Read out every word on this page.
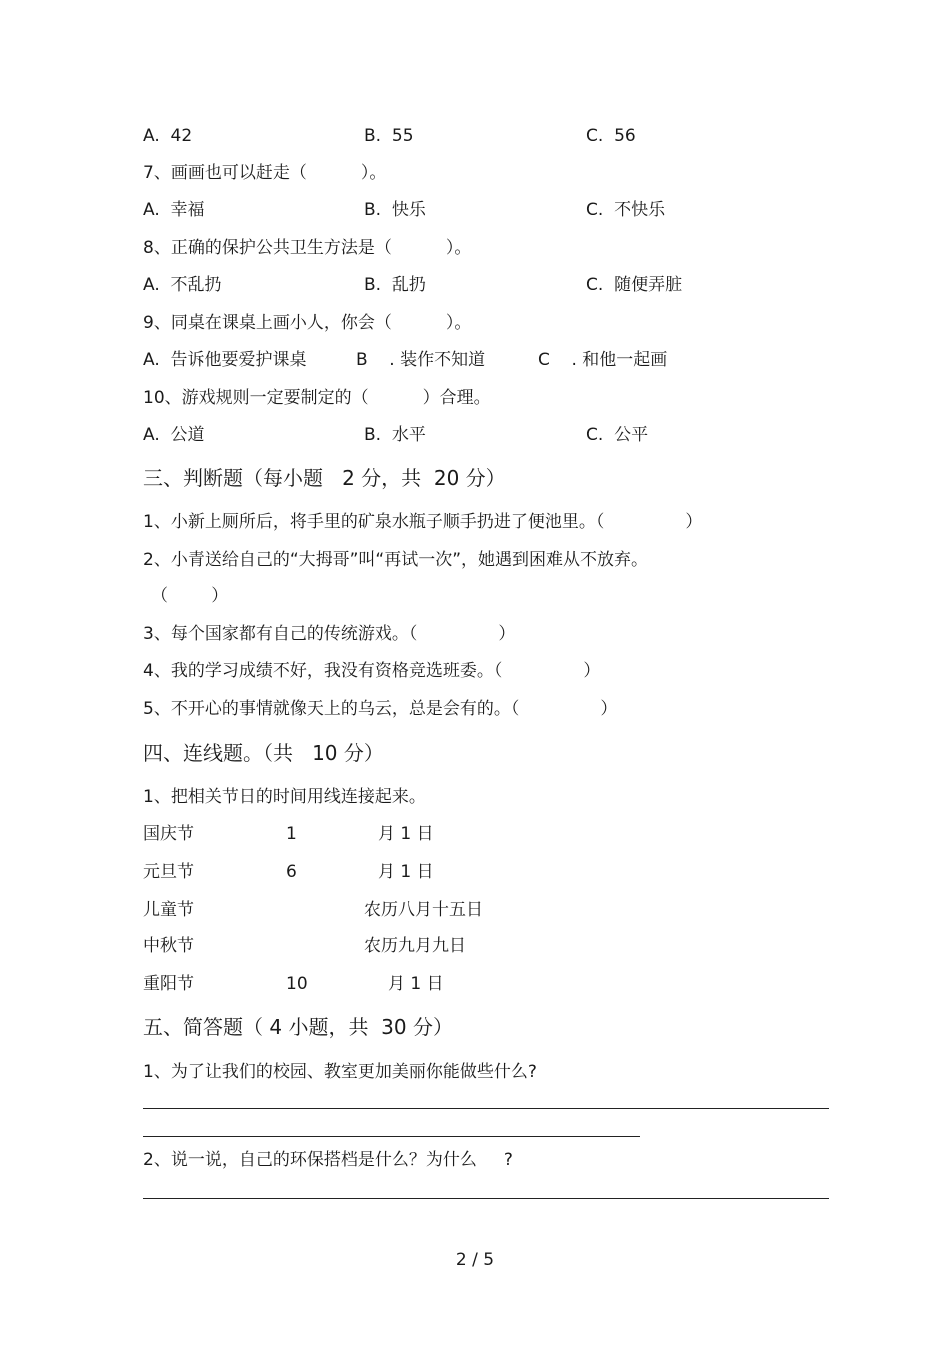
A.  42	B.  55	C.  56
7、画画也可以赶走（          ）。
A.  幸福	B.  快乐	C.  不快乐
8、正确的保护公共卫生方法是（          ）。
A.  不乱扔	B.  乱扔	C.  随便弄脏
9、同桌在课桌上画小人，你会（          ）。
A.  告诉他要爱护课桌	B    . 装作不知道	C    . 和他一起画
10、游戏规则一定要制定的（          ）合理。
A.  公道	B.  水平	C.  公平
三、判断题（每小题   2 分，共  20 分）
1、小新上厕所后，将手里的矿泉水瓶子顺手扔进了便池里。（               ）
2、小青送给自己的“大拇哥”叫“再试一次”，她遇到困难从不放弃。
（        ）
3、每个国家都有自己的传统游戏。（               ）
4、我的学习成绩不好，我没有资格竞选班委。（               ）
5、不开心的事情就像天上的乌云，总是会有的。（               ）
四、连线题。（共   10 分）
1、把相关节日的时间用线连接起来。
国庆节	1	月 1 日
元旦节	6	月 1 日
儿童节	农历八月十五日
中秋节	农历九月九日
重阳节	10	月 1 日
五、简答题（ 4 小题，共  30 分）
1、为了让我们的校园、教室更加美丽你能做些什么?
2、说一说，自己的环保搭档是什么？为什么     ?
2 / 5
